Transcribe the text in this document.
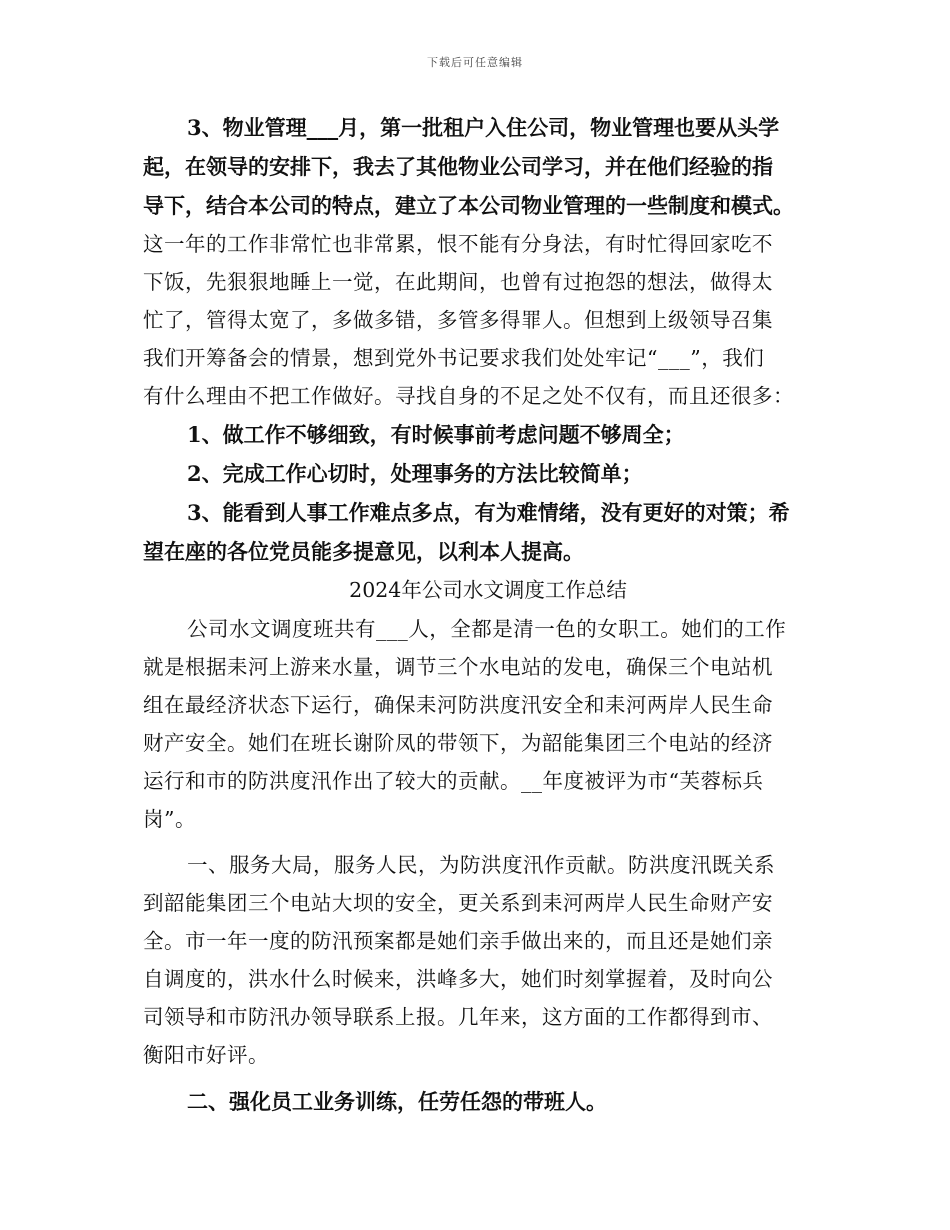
下载后可任意编辑
3、物业管理___月，第一批租户入住公司，物业管理也要从头学
起，在领导的安排下，我去了其他物业公司学习，并在他们经验的指
导下，结合本公司的特点，建立了本公司物业管理的一些制度和模式。
这一年的工作非常忙也非常累，恨不能有分身法，有时忙得回家吃不
下饭，先狠狠地睡上一觉，在此期间，也曾有过抱怨的想法，做得太
忙了，管得太宽了，多做多错，多管多得罪人。但想到上级领导召集
我们开筹备会的情景，想到党外书记要求我们处处牢记“___”，我们
有什么理由不把工作做好。寻找自身的不足之处不仅有，而且还很多：
1、做工作不够细致，有时候事前考虑问题不够周全；
2、完成工作心切时，处理事务的方法比较简单；
3、能看到人事工作难点多点，有为难情绪，没有更好的对策；希
望在座的各位党员能多提意见，以利本人提高。
2024年公司水文调度工作总结
公司水文调度班共有___人，全都是清一色的女职工。她们的工作
就是根据耒河上游来水量，调节三个水电站的发电，确保三个电站机
组在最经济状态下运行，确保耒河防洪度汛安全和耒河两岸人民生命
财产安全。她们在班长谢阶凤的带领下，为韶能集团三个电站的经济
运行和市的防洪度汛作出了较大的贡献。__年度被评为市“芙蓉标兵
岗”。
一、服务大局，服务人民，为防洪度汛作贡献。防洪度汛既关系
到韶能集团三个电站大坝的安全，更关系到耒河两岸人民生命财产安
全。市一年一度的防汛预案都是她们亲手做出来的，而且还是她们亲
自调度的，洪水什么时候来，洪峰多大，她们时刻掌握着，及时向公
司领导和市防汛办领导联系上报。几年来，这方面的工作都得到市、
衡阳市好评。
二、强化员工业务训练，任劳任怨的带班人。
